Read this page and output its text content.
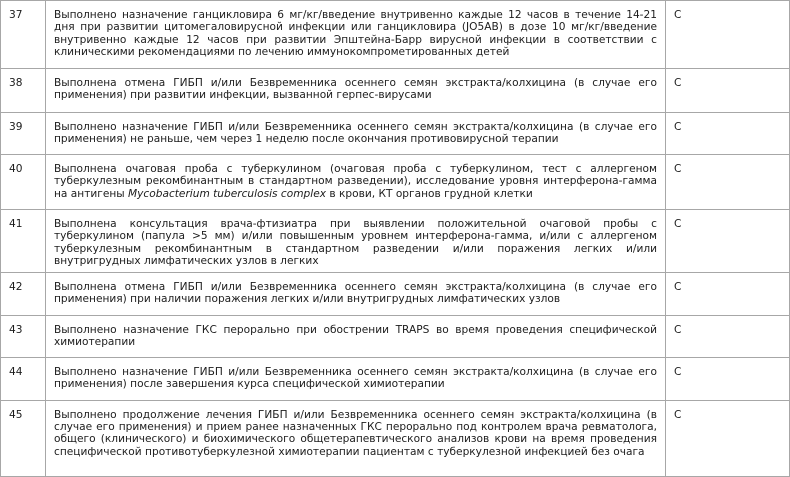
37	Выполнено назначение ганцикловира 6 мг/кг/введение внутривенно каждые 12 часов в течение 14-21 дня при развитии цитомегаловирусной инфекции или ганцикловира (JO5AB) в дозе 10 мг/кг/введение внутривенно каждые 12 часов при развитии Эпштейна-Барр вирусной инфекции в соответствии с клиническими рекомендациями по лечению иммунокомпрометированных детей	С
38	Выполнена отмена ГИБП и/или Безвременника осеннего семян экстракта/колхицина (в случае его применения) при развитии инфекции, вызванной герпес-вирусами	С
39	Выполнено назначение ГИБП и/или Безвременника осеннего семян экстракта/колхицина (в случае его применения) не раньше, чем через 1 неделю после окончания противовирусной терапии	С
40	Выполнена очаговая проба с туберкулином (очаговая проба с туберкулином, тест с аллергеном туберкулезным рекомбинантным в стандартном разведении), исследование уровня интерферона-гамма на антигены Mycobacterium tuberculosis complex в крови, КТ органов грудной клетки	С
41	Выполнена консультация врача-фтизиатра при выявлении положительной очаговой пробы с туберкулином (папула >5 мм) и/или повышенным уровнем интерферона-гамма, и/или с аллергеном туберкулезным рекомбинантным в стандартном разведении и/или поражения легких и/или внутригрудных лимфатических узлов в легких	С
42	Выполнена отмена ГИБП и/или Безвременника осеннего семян экстракта/колхицина (в случае его применения) при наличии поражения легких и/или внутригрудных лимфатических узлов	С
43	Выполнено назначение ГКС перорально при обострении TRAPS во время проведения специфической химиотерапии	С
44	Выполнено назначение ГИБП и/или Безвременника осеннего семян экстракта/колхицина (в случае его применения) после завершения курса специфической химиотерапии	С
45	Выполнено продолжение лечения ГИБП и/или Безвременника осеннего семян экстракта/колхицина (в случае его применения) и прием ранее назначенных ГКС перорально под контролем врача ревматолога, общего (клинического) и биохимического общетерапевтического анализов крови на время проведения специфической противотуберкулезной химиотерапии пациентам с туберкулезной инфекцией без очага	С
